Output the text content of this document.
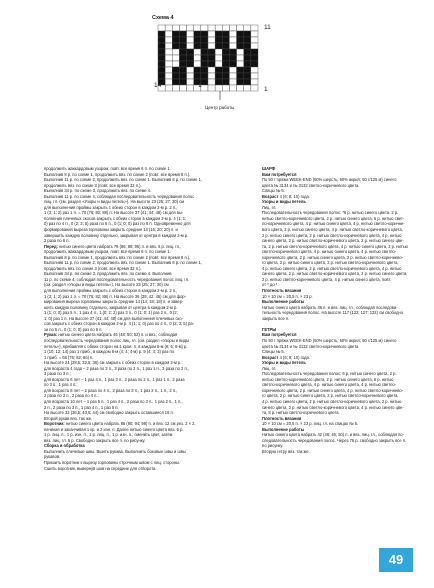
Схема 4
11
1
14	1
Центр работы

продолжить жаккардовым узором, повт. все время 6 п. по схеме 1.

Выполнив 8 р. по схеме 1, продолжить вяз. по схеме 2 (повт. все время 8 п.).

Выполнив 11 р. по схеме 2, продолжить вяз. по схеме 1. Выполнив 8 р. по схеме 1,

продолжить вяз. по схеме 3 (повт. все время 32 п.).

Выполнив 34 р. по схеме 3, продолжить вяз. по схеме 4.

Выполнив 11 р. по схеме 4, соблюдая последовательность чередования полос

лиц. гл. (см. раздел «Узоры и виды петель»). На высоте 23 (25; 27; 30) см

для выполнения проймы закрыть с обеих сторон в каждом 2-м р. 2 п.,

1 (3; 1; 2) раз 1 п. = 70 (76; 82; 88) п. На высоте 37 (41; 44; 48) см для вы-

полнения плечевых скосов закрыть с обеих сторон в каждом 2-м р. 4 (1; 1;

0) раз по 4 п., 0 (2; 3; 5) раза по 5 п., 0 (1; 0; 0) раз по 6 п. Одновременно для

формирования выреза горловины закрыть средние 14 (16; 20; 20) п. и

завершить каждую половину отдельно, закрывая от центра в каждом 2-м р.

2 раза по 6 п.

Перед: нитью синего цвета набрать 76 (86; 88; 96) п. и вяз. 6 р. лиц. гл.,

продолжить жаккардовым узором, повт. все время 6 п. по схеме 1.

Выполнив 8 р. по схеме 1, продолжить вяз. по схеме 2 (повт. все время 8 п.).

Выполнив 11 р. по схеме 2, продолжить вяз. по схеме 1. Выполнив 8 р. по схеме 1,

продолжить вяз. по схеме 3 (повт. все время 32 п.).

Выполнив 34 р. по схеме 3, продолжить вяз. по схеме 4. Выполнив

11 р. по схеме 4, соблюдая последовательность чередования полос лиц. гл.

(см. раздел «Узоры и виды петель»). На высоте 23 (25; 27; 30) см

для выполнения проймы закрыть с обеих сторон в каждом 2-м р. 2 п.,

1 (3; 1; 2) раз 1 п. = 70 (76; 82; 88) п. На высоте 36 (39; 42; 46) см для фор-

мирования выреза горловины закрыть средние 14 (14; 18; 18) п. и завер-

шить каждую половину отдельно, закрывая от центра в каждом 2-м р.

1 (1; 0; 0) раз 5 п., 1 раз 4 п., 1 (0; 2; 2) раз 3 п., 0 (1; 0; 1) раз 2 п., 0 (2;

1; 0) раз 1 п. На высоте 37 (41; 44; 48) см для выполнения плечевых ско-

сов закрыть с обеих сторон в каждом 2-м р. 4 (1; 1; 0) раз по 4 п., 0 (2; 3; 5) ра-

за по 5 п., 0 (1; 0; 0) раз по 6 п.

Рукав: нитью синего цвета набрать 46 (48; 50; 52) п. и вяз., соблюдая

последовательность чередования полос лиц. гл. (см. раздел «Узоры и виды

петель»), прибавляя с обеих сторон на 1 крои. п. в каждом 8-м (6; 6; 6-м) р.

1 (10; 12; 14) раз 1 приб., в каждом 6-м (4; 4; 4-м) р. 9 (4; 4; 3) раз по

1 приб. = 66 (76; 82; 86) п.

На высоте 24 (28,5; 32,5; 36) см закрыть с обеих сторон в каждом 2-м р.:

для возраста 4 года – 2 раза по 3 п., 3 раза по 2 п., 1 раз 1 п., 3 раза по 2 п.,

3 раза по 3 п.;

для возраста 6 лет – 1 раз 4 п., 1 раз 3 п., 2 раза по 2 п., 1 раз 1 п., 2 раза

по 3 п., 1 раз 4 п.;

для возраста 8 лет – 2 раза по 4 п., 2 раза по 3 п., 1 раз 2 п., 1 п., 2 п.,

2 раза по 3 п., 2 раза по 4 п.;

для возраста 10 лет – 1 раз 5 п., 1 раз 4 п., 2 раза по 3 п., 1 раз 2 п., 1 п.,

2 п., 2 раза по 3 п., 1 раз 4 п., 1 раз 5 п.

На высоте 32 (36,5; 40,5; 44) см свободно закрыть оставшиеся 16 п.

Второй рукав вяз. так же.

Воротник: нитью синего цвета набрать 86 (90; 94; 98) п. и вяз. 12 см рез. 2 × 2,

начиная и заканчивая 1 кр. и 2 изн. п. Далее нитью синего цвета вяз. 6 р.

1 р. лиц. п., 1 р. изн. п., 1 р. лиц. п., 1 р. изн. п., сменить цвет, затем

вяз. лиц. гл. 6 р. Свободно закрыть все п. по рисунку.

Сборка и обработка

Выполнить плечевые швы. Вшить рукава. Выполнить боковые швы и швы

рукавов.

Пришить воротник к вырезу горловины строчным швом с лиц. стороны.

Сшить воротник, вывернув шов на середине для отворота.

ШАРФ

Вам потребуется

По 50 г пряжи WEEK-END (50% шерсть, 50% акрил; 50 г/125 м) синего

цвета № 3134 и № 3132 светло-коричневого цвета.

Спицы № 5.

Возраст 4 (6; 8; 10) года.

Узоры и виды петель

Лиц. гл.

Последовательность чередования полос: *6 р. нитью синего цвета, 2 р.

нитью светло-коричневого цвета, 2 р. нитью синего цвета, 6 р. нитью свет-

ло-коричневого цвета, 4 р. нитью синего цвета, 4 р. нитью светло-коричне-

вого цвета, 2 р. нитью синего цвета, 4 р. нитью светло-коричневого цвета,

2 р. нитью синего цвета, 2 р. нитью светло-коричневого цвета, 4 р. нитью

синего цвета, 2 р. нитью светло-коричневого цвета, 2 р. нитью синего цве-

та, 2 р. нитью светло-коричневого цвета, 4 р. нитью синего цвета, 2 р. нитью

светло-коричневого цвета, 4 р. нитью синего цвета, 4 р. нитью светло-

коричневого цвета, 2 р. нитью синего цвета, 2 р. нитью светло-коричнево-

го цвета, 2 р. нитью синего цвета, 2 р. нитью светло-коричневого цвета,

4 р. нитью синего цвета, 2 р. нитью светло-коричневого цвета, 4 р. нитью

синего цвета, 2 р. нитью светло-коричневого цвета, 2 р. нитью синего цвета,

2 р. нитью светло-коричневого цвета, 4 р. нитью синего цвета, повт.

от * до *.

Плотность вязания

10 × 10 см = 20,5 п. × 23 р.

Выполнение работы

Нитью синего цвета набрать 36 п. и вяз. лиц. гл., соблюдая последова-

тельность чередования полос. На высоте 117 (122; 127; 132) см свободно

закрыть все п.

ГЕТРЫ

Вам потребуется

По 50 г пряжи WEEK-END (50% шерсть, 50% акрил; 50 г/125 м) синего

цвета № 3134 и № 3132 светло-коричневого цвета.

Спицы № 5.

Возраст 4 (6; 8; 10) года.

Узоры и виды петель

Лиц. гл.

Последовательность чередования полос: 6 р. нитью синего цвета, 2 р.

нитью светло-коричневого цвета, 2 р. нитью синего цвета, 6 р. нитью

светло-коричневого цвета, 4 р. нитью синего цвета, 4 р. нитью светло-

коричневого цвета, 2 р. нитью синего цвета, 4 р. нитью светло-коричнево-

го цвета, 2 р. нитью синего цвета, 2 р. нитью светло-коричневого цвета,

4 р. нитью синего цвета, 2 р. нитью светло-коричневого цвета, 2 р. нитью

синего цвета, 2 р. нитью светло-коричневого цвета, 4 р. нитью синего цве-

та, 8 р. нитью светло-коричневого цвета.

Плотность вязания

10 × 10 см = 20,5 п. × 23 р. лиц. гл. на спицах № 5.

Выполнение работы

Нитью синего цвета набрать 42 (46; 46; 50) п. и вяз. лиц. гл., соблюдая по-

следовательность чередования полос. Через 76 р. свободно закрыть все п.

по рисунку.

Вторую гетру вяз. так же.

49
